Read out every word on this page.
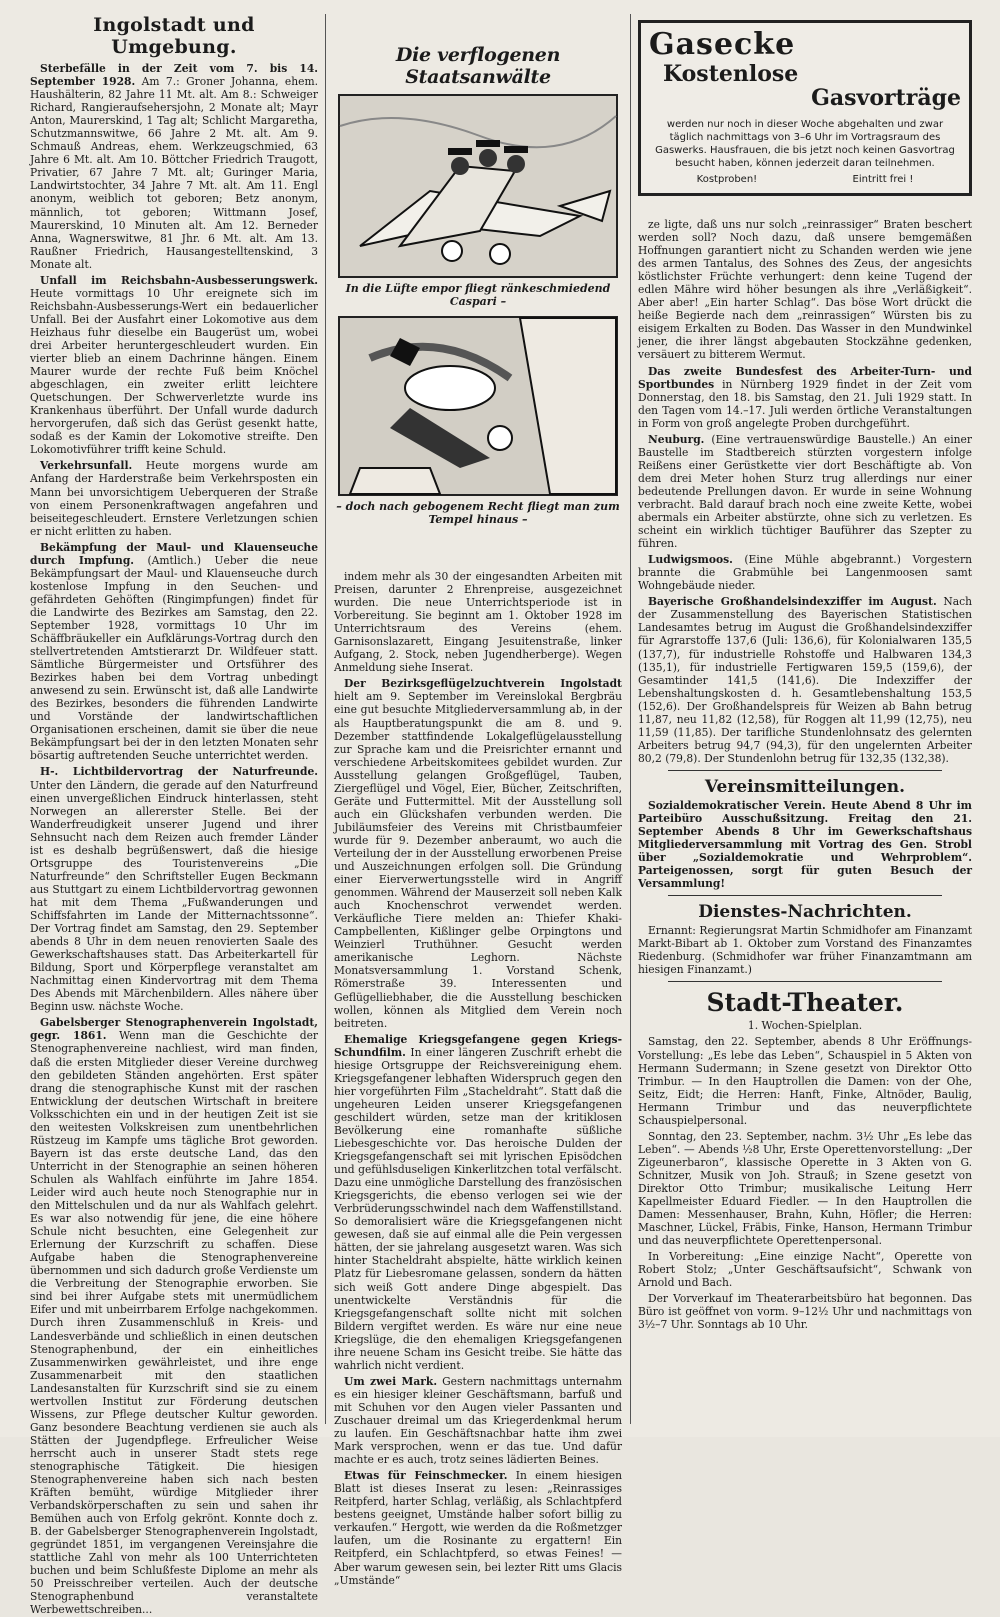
Ingolstadt und Umgebung.

Sterbefälle in der Zeit vom 7. bis 14. September 1928. Am 7.: Groner Johanna, ehem. Haushälterin, 82 Jahre 11 Mt. alt. Am 8.: Schweiger Richard, Rangieraufsehersjohn, 2 Monate alt; Mayr Anton, Maurerskind, 1 Tag alt; Schlicht Margaretha, Schutzmannswitwe, 66 Jahre 2 Mt. alt. Am 9. Schmauß Andreas, ehem. Werkzeugschmied, 63 Jahre 6 Mt. alt. Am 10. Böttcher Friedrich Traugott, Privatier, 67 Jahre 7 Mt. alt; Guringer Maria, Landwirtstochter, 34 Jahre 7 Mt. alt. Am 11. Engl anonym, weiblich tot geboren; Betz anonym, männlich, tot geboren; Wittmann Josef, Maurerskind, 10 Minuten alt. Am 12. Berneder Anna, Wagnerswitwe, 81 Jhr. 6 Mt. alt. Am 13. Raußner Friedrich, Hausangestelltenskind, 3 Monate alt.

Unfall im Reichsbahn-Ausbesserungswerk. Heute vormittags 10 Uhr ereignete sich im Reichsbahn-Ausbesserungs-Wert ein bedauerlicher Unfall. Bei der Ausfahrt einer Lokomotive aus dem Heizhaus fuhr dieselbe ein Baugerüst um, wobei drei Arbeiter heruntergeschleudert wurden. Ein vierter blieb an einem Dachrinne hängen. Einem Maurer wurde der rechte Fuß beim Knöchel abgeschlagen, ein zweiter erlitt leichtere Quetschungen. Der Schwerverletzte wurde ins Krankenhaus überführt. Der Unfall wurde dadurch hervorgerufen, daß sich das Gerüst gesenkt hatte, sodaß es der Kamin der Lokomotive streifte. Den Lokomotivführer trifft keine Schuld.

Verkehrsunfall. Heute morgens wurde am Anfang der Harderstraße beim Verkehrsposten ein Mann bei unvorsichtigem Ueberqueren der Straße von einem Personenkraftwagen angefahren und beiseitegeschleudert. Ernstere Verletzungen schien er nicht erlitten zu haben.

Bekämpfung der Maul- und Klauenseuche durch Impfung. (Amtlich.) Ueber die neue Bekämpfungsart der Maul- und Klauenseuche durch kostenlose Impfung in den Seuchen- und gefährdeten Gehöften (Ringimpfungen) findet für die Landwirte des Bezirkes am Samstag, den 22. September 1928, vormittags 10 Uhr im Schäffbräukeller ein Aufklärungs-Vortrag durch den stellvertretenden Amtstierarzt Dr. Wildfeuer statt. Sämtliche Bürgermeister und Ortsführer des Bezirkes haben bei dem Vortrag unbedingt anwesend zu sein. Erwünscht ist, daß alle Landwirte des Bezirkes, besonders die führenden Landwirte und Vorstände der landwirtschaftlichen Organisationen erscheinen, damit sie über die neue Bekämpfungsart bei der in den letzten Monaten sehr bösartig auftretenden Seuche unterrichtet werden.

H-. Lichtbildervortrag der Naturfreunde. Unter den Ländern, die gerade auf den Naturfreund einen unvergeßlichen Eindruck hinterlassen, steht Norwegen an allererster Stelle. Bei der Wanderfreudigkeit unserer Jugend und ihrer Sehnsucht nach dem Reizen auch fremder Länder ist es deshalb begrüßenswert, daß die hiesige Ortsgruppe des Touristenvereins „Die Naturfreunde“ den Schriftsteller Eugen Beckmann aus Stuttgart zu einem Lichtbildervortrag gewonnen hat mit dem Thema „Fußwanderungen und Schiffsfahrten im Lande der Mitternachtssonne“. Der Vortrag findet am Samstag, den 29. September abends 8 Uhr in dem neuen renovierten Saale des Gewerkschaftshauses statt. Das Arbeiterkartell für Bildung, Sport und Körperpflege veranstaltet am Nachmittag einen Kindervortrag mit dem Thema Des Abends mit Märchenbildern. Alles nähere über Beginn usw. nächste Woche.

Gabelsberger Stenographenverein Ingolstadt, gegr. 1861. Wenn man die Geschichte der Stenographenvereine nachliest, wird man finden, daß die ersten Mitglieder dieser Vereine durchweg den gebildeten Ständen angehörten. Erst später drang die stenographische Kunst mit der raschen Entwicklung der deutschen Wirtschaft in breitere Volksschichten ein und in der heutigen Zeit ist sie den weitesten Volkskreisen zum unentbehrlichen Rüstzeug im Kampfe ums tägliche Brot geworden. Bayern ist das erste deutsche Land, das den Unterricht in der Stenographie an seinen höheren Schulen als Wahlfach einführte im Jahre 1854. Leider wird auch heute noch Stenographie nur in den Mittelschulen und da nur als Wahlfach gelehrt. Es war also notwendig für jene, die eine höhere Schule nicht besuchten, eine Gelegenheit zur Erlernung der Kurzschrift zu schaffen. Diese Aufgabe haben die Stenographenvereine übernommen und sich dadurch große Verdienste um die Verbreitung der Stenographie erworben. Sie sind bei ihrer Aufgabe stets mit unermüdlichem Eifer und mit unbeirrbarem Erfolge nachgekommen. Durch ihren Zusammenschluß in Kreis- und Landesverbände und schließlich in einen deutschen Stenographenbund, der ein einheitliches Zusammenwirken gewährleistet, und ihre enge Zusammenarbeit mit den staatlichen Landesanstalten für Kurzschrift sind sie zu einem wertvollen Institut zur Förderung deutschen Wissens, zur Pflege deutscher Kultur geworden. Ganz besondere Beachtung verdienen sie auch als Stätten der Jugendpflege. Erfreulicher Weise herrscht auch in unserer Stadt stets rege stenographische Tätigkeit. Die hiesigen Stenographenvereine haben sich nach besten Kräften bemüht, würdige Mitglieder ihrer Verbandskörperschaften zu sein und sahen ihr Bemühen auch von Erfolg gekrönt. Konnte doch z. B. der Gabelsberger Stenographenverein Ingolstadt, gegründet 1851, im vergangenen Vereinsjahre die stattliche Zahl von mehr als 100 Unterrichteten buchen und beim Schlußfeste Diplome an mehr als 50 Preisschreiber verteilen. Auch der deutsche Stenographenbund veranstaltete Werbewettschreiben...

Die verflogenen Staatsanwälte
In die Lüfte empor fliegt ränkeschmiedend Caspari –
– doch nach gebogenem Recht fliegt man zum Tempel hinaus –

indem mehr als 30 der eingesandten Arbeiten mit Preisen, darunter 2 Ehrenpreise, ausgezeichnet wurden. Die neue Unterrichtsperiode ist in Vorbereitung. Sie beginnt am 1. Oktober 1928 im Unterrichtsraum des Vereins (ehem. Garnisonslazarett, Eingang Jesuitenstraße, linker Aufgang, 2. Stock, neben Jugendherberge). Wegen Anmeldung siehe Inserat.

Der Bezirksgeflügelzuchtverein Ingolstadt hielt am 9. September im Vereinslokal Bergbräu eine gut besuchte Mitgliederversammlung ab, in der als Hauptberatungspunkt die am 8. und 9. Dezember stattfindende Lokalgeflügelausstellung zur Sprache kam und die Preisrichter ernannt und verschiedene Arbeitskomitees gebildet wurden. Zur Ausstellung gelangen Großgeflügel, Tauben, Ziergeflügel und Vögel, Eier, Bücher, Zeitschriften, Geräte und Futtermittel. Mit der Ausstellung soll auch ein Glückshafen verbunden werden. Die Jubiläumsfeier des Vereins mit Christbaumfeier wurde für 9. Dezember anberaumt, wo auch die Verteilung der in der Ausstellung erworbenen Preise und Auszeichnungen erfolgen soll. Die Gründung einer Eierverwertungsstelle wird in Angriff genommen. Während der Mauserzeit soll neben Kalk auch Knochenschrot verwendet werden. Verkäufliche Tiere melden an: Thiefer Khaki-Campbellenten, Kißlinger gelbe Orpingtons und Weinzierl Truthühner. Gesucht werden amerikanische Leghorn. Nächste Monatsversammlung 1. Vorstand Schenk, Römerstraße 39. Interessenten und Geflügelliebhaber, die die Ausstellung beschicken wollen, können als Mitglied dem Verein noch beitreten.

Ehemalige Kriegsgefangene gegen Kriegs-Schundfilm. In einer längeren Zuschrift erhebt die hiesige Ortsgruppe der Reichsvereinigung ehem. Kriegsgefangener lebhaften Widerspruch gegen den hier vorgeführten Film „Stacheldraht“. Statt daß die ungeheuren Leiden unserer Kriegsgefangenen geschildert würden, setze man der kritiklosen Bevölkerung eine romanhafte süßliche Liebesgeschichte vor. Das heroische Dulden der Kriegsgefangenschaft sei mit lyrischen Episödchen und gefühlsduseligen Kinkerlitzchen total verfälscht. Dazu eine unmögliche Darstellung des französischen Kriegsgerichts, die ebenso verlogen sei wie der Verbrüderungsschwindel nach dem Waffenstillstand. So demoralisiert wäre die Kriegsgefangenen nicht gewesen, daß sie auf einmal alle die Pein vergessen hätten, der sie jahrelang ausgesetzt waren. Was sich hinter Stacheldraht abspielte, hätte wirklich keinen Platz für Liebesromane gelassen, sondern da hätten sich weiß Gott andere Dinge abgespielt. Das unentwickelte Verständnis für die Kriegsgefangenschaft sollte nicht mit solchen Bildern vergiftet werden. Es wäre nur eine neue Kriegslüge, die den ehemaligen Kriegsgefangenen ihre neuene Scham ins Gesicht treibe. Sie hätte das wahrlich nicht verdient.

Um zwei Mark. Gestern nachmittags unternahm es ein hiesiger kleiner Geschäftsmann, barfuß und mit Schuhen vor den Augen vieler Passanten und Zuschauer dreimal um das Kriegerdenkmal herum zu laufen. Ein Geschäftsnachbar hatte ihm zwei Mark versprochen, wenn er das tue. Und dafür machte er es auch, trotz seines lädierten Beines.

Etwas für Feinschmecker. In einem hiesigen Blatt ist dieses Inserat zu lesen: „Reinrassiges Reitpferd, harter Schlag, verläßig, als Schlachtpferd bestens geeignet, Umstände halber sofort billig zu verkaufen.“ Hergott, wie werden da die Roßmetzger laufen, um die Rosinante zu ergattern! Ein Reitpferd, ein Schlachtpferd, so etwas Feines! — Aber warum gewesen sein, bei lezter Ritt ums Glacis „Umstände“

Gasecke
Kostenlose
Gasvorträge
werden nur noch in dieser Woche abgehalten und zwar täglich nachmittags von 3–6 Uhr im Vortragsraum des Gaswerks. Hausfrauen, die bis jetzt noch keinen Gasvortrag besucht haben, können jederzeit daran teilnehmen.
Kostproben!	Eintritt frei !

ze ligte, daß uns nur solch „reinrassiger“ Braten beschert werden soll? Noch dazu, daß unsere bemgemäßen Hoffnungen garantiert nicht zu Schanden werden wie jene des armen Tantalus, des Sohnes des Zeus, der angesichts köstlichster Früchte verhungert: denn keine Tugend der edlen Mähre wird höher besungen als ihre „Verläßigkeit“. Aber aber! „Ein harter Schlag“. Das böse Wort drückt die heiße Begierde nach dem „reinrassigen“ Würsten bis zu eisigem Erkalten zu Boden. Das Wasser in den Mundwinkel jener, die ihrer längst abgebauten Stockzähne gedenken, versäuert zu bitterem Wermut.

Das zweite Bundesfest des Arbeiter-Turn- und Sportbundes in Nürnberg 1929 findet in der Zeit vom Donnerstag, den 18. bis Samstag, den 21. Juli 1929 statt. In den Tagen vom 14.–17. Juli werden örtliche Veranstaltungen in Form von groß angelegte Proben durchgeführt.

Neuburg. (Eine vertrauenswürdige Baustelle.) An einer Baustelle im Stadtbereich stürzten vorgestern infolge Reißens einer Gerüstkette vier dort Beschäftigte ab. Von dem drei Meter hohen Sturz trug allerdings nur einer bedeutende Prellungen davon. Er wurde in seine Wohnung verbracht. Bald darauf brach noch eine zweite Kette, wobei abermals ein Arbeiter abstürzte, ohne sich zu verletzen. Es scheint ein wirklich tüchtiger Bauführer das Szepter zu führen.

Ludwigsmoos. (Eine Mühle abgebrannt.) Vorgestern brannte die Grabmühle bei Langenmoosen samt Wohngebäude nieder.

Bayerische Großhandelsindexziffer im August. Nach der Zusammenstellung des Bayerischen Statistischen Landesamtes betrug im August die Großhandelsindexziffer für Agrarstoffe 137,6 (Juli: 136,6), für Kolonialwaren 135,5 (137,7), für industrielle Rohstoffe und Halbwaren 134,3 (135,1), für industrielle Fertigwaren 159,5 (159,6), der Gesamtinder 141,5 (141,6). Die Indexziffer der Lebenshaltungskosten d. h. Gesamtlebenshaltung 153,5 (152,6). Der Großhandelspreis für Weizen ab Bahn betrug 11,87, neu 11,82 (12,58), für Roggen alt 11,99 (12,75), neu 11,59 (11,85). Der tarifliche Stundenlohnsatz des gelernten Arbeiters betrug 94,7 (94,3), für den ungelernten Arbeiter 80,2 (79,8). Der Stundenlohn betrug für 132,35 (132,38).

Vereinsmitteilungen.

Sozialdemokratischer Verein. Heute Abend 8 Uhr im Parteibüro Ausschußsitzung. Freitag den 21. September Abends 8 Uhr im Gewerkschaftshaus Mitgliederversammlung mit Vortrag des Gen. Strobl über „Sozialdemokratie und Wehrproblem“. Parteigenossen, sorgt für guten Besuch der Versammlung!

Dienstes-Nachrichten.

Ernannt: Regierungsrat Martin Schmidhofer am Finanzamt Markt-Bibart ab 1. Oktober zum Vorstand des Finanzamtes Riedenburg. (Schmidhofer war früher Finanzamtmann am hiesigen Finanzamt.)

Stadt-Theater.

1. Wochen-Spielplan.

Samstag, den 22. September, abends 8 Uhr Eröffnungs-Vorstellung: „Es lebe das Leben“, Schauspiel in 5 Akten von Hermann Sudermann; in Szene gesetzt von Direktor Otto Trimbur. — In den Hauptrollen die Damen: von der Ohe, Seitz, Eidt; die Herren: Hanft, Finke, Altnöder, Baulig, Hermann Trimbur und das neuverpflichtete Schauspielpersonal.

Sonntag, den 23. September, nachm. 3½ Uhr „Es lebe das Leben“. — Abends ½8 Uhr, Erste Operettenvorstellung: „Der Zigeunerbaron“, klassische Operette in 3 Akten von G. Schnitzer, Musik von Joh. Strauß; in Szene gesetzt von Direktor Otto Trimbur; musikalische Leitung Herr Kapellmeister Eduard Fiedler. — In den Hauptrollen die Damen: Messenhauser, Brahn, Kuhn, Höfler; die Herren: Maschner, Lückel, Fräbis, Finke, Hanson, Hermann Trimbur und das neuverpflichtete Operettenpersonal.

In Vorbereitung: „Eine einzige Nacht“, Operette von Robert Stolz; „Unter Geschäftsaufsicht“, Schwank von Arnold und Bach.

Der Vorverkauf im Theaterarbeitsbüro hat begonnen. Das Büro ist geöffnet von vorm. 9–12½ Uhr und nachmittags von 3½–7 Uhr. Sonntags ab 10 Uhr.
